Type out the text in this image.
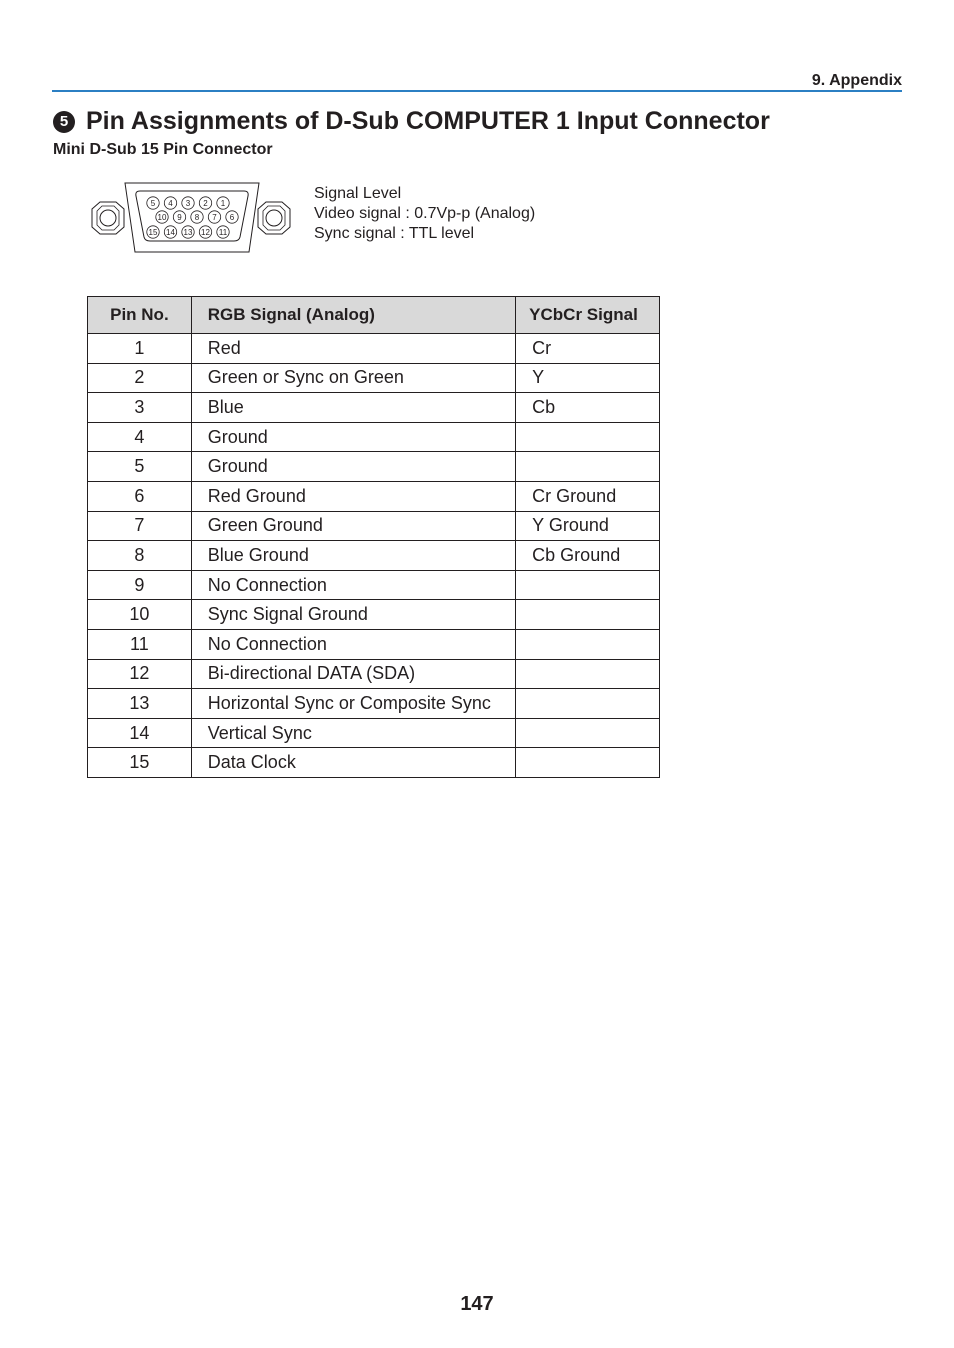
9. Appendix
5 Pin Assignments of D-Sub COMPUTER 1 Input Connector
Mini D-Sub 15 Pin Connector
5 4 3 2 1
10 9 8 7 6
15 14 13 12 11
Signal Level
Video signal : 0.7Vp-p (Analog)
Sync signal : TTL level
Pin No.	RGB Signal (Analog)	YCbCr Signal
1	Red	Cr
2	Green or Sync on Green	Y
3	Blue	Cb
4	Ground	
5	Ground	
6	Red Ground	Cr Ground
7	Green Ground	Y Ground
8	Blue Ground	Cb Ground
9	No Connection	
10	Sync Signal Ground	
11	No Connection	
12	Bi-directional DATA (SDA)	
13	Horizontal Sync or Composite Sync	
14	Vertical Sync	
15	Data Clock	
147
